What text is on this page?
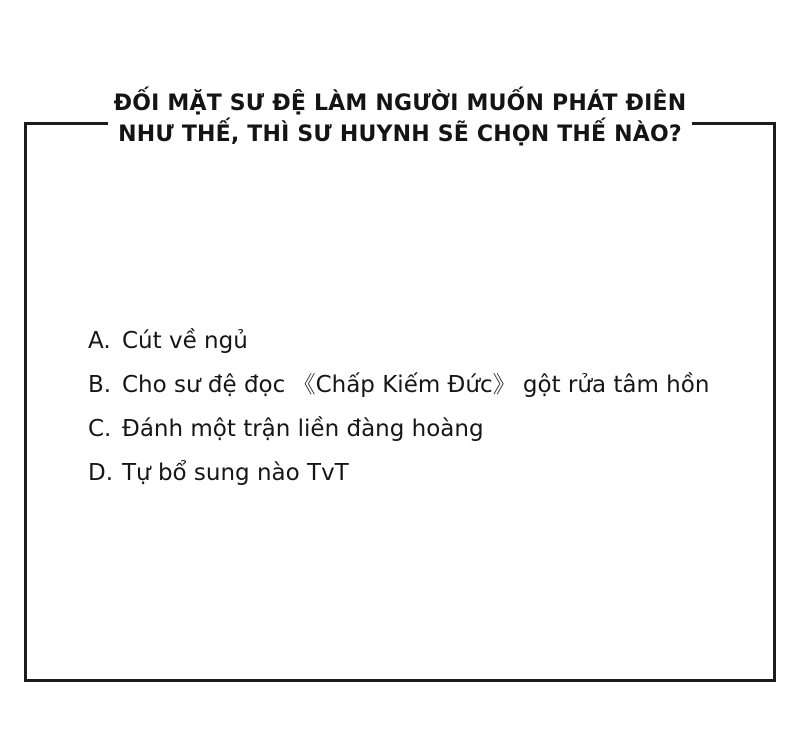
ĐỐI MẶT SƯ ĐỆ LÀM NGƯỜI MUỐN PHÁT ĐIÊN
NHƯ THẾ, THÌ SƯ HUYNH SẼ CHỌN THẾ NÀO?
A. Cút về ngủ
B. Cho sư đệ đọc 《Chấp Kiếm Đức》 gột rửa tâm hồn
C. Đánh một trận liền đàng hoàng
D. Tự bổ sung nào TvT
